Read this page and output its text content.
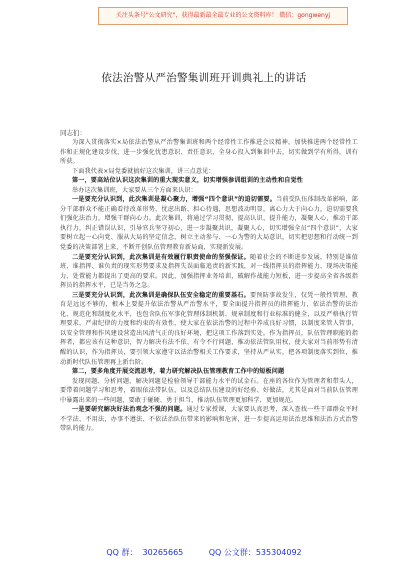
关注头条号"公文研究"，获得最新最全最专业的公文资料库！ 微信：gongwenyj
依法治警从严治警集训班开训典礼上的讲话
同志们：

为深入贯彻落实×局依法治警从严治警集训班和两个经常性工作推进会议精神，加快推进两个经常性工作和正规化建设步伐，进一步强化忧患意识、责任意识，全身心投入到集训中去，切实做到学有所得，训有所获。

下面我代表×局党委就搞好这次集训，讲三点意见：

第一，要高站位认识这次集训的重大现实意义，切实增强参训组训的主动性和自觉性

举办这次集训班，大家要从三个方面来认识：

一是要充分认识到，此次集训是凝心聚力，增强“四个意识”的迫切需要。当前受队伍体制改革影响，部分干部群众不能正确看待改革形势，忧虑出路、担心待遇，思想波动明显，离心力大于向心力，迫切需要我们强化法治力，增强干群向心力。此次集训，将通过学习贯彻，提高认识、提升能力，凝聚人心，推动干部执行力，纠正错误认识，引导官兵坚守初心，进一步凝聚共识，凝聚人心，切实增强全员“四个意识”，大家要树立起一心向党、服从大局的坚定信念，树立主动参与、一心为警的大局意识，切实把思想和行动统一到党委的决策部署上来，不断开创队伍管理教育新局面，实现新发展。

二是要充分认识到，此次集训是有效履行职责使命的坚强保证。随着社会的不断进步发展，特别是谁值班、谁指挥、谁负责的现实形势要求及指挥失误面临追责的新实践，对一线指挥员的指挥能力、现场决策能力、处置能力都提出了更高的要求。因此，加强指挥业务培训，破解作战能力短板，进一步提高全省各级指挥员的指挥水平，已是当务之急。

三是要充分认识到，此次集训是确保队伍安全稳定的重要基石。要预防事故发生，仅凭一般性管理、教育是远远不够的，根本上要提升依法治警从严治警水平，要全面提升指挥员的指挥能力、依法治警的法治化、规范化和制度化水平，也包含队伍军事化管理体制机制、规章制度和行业标准的健全，以及严格执行管理要求，严肃纪律的力度和约束的有效性，使大家在依法治警的过程中养成良好习惯，以制度来管人管事，以安全管理和作风建设营造出风清气正的良好环境，把这项工作落到实处。作为指挥员，队伍管理职能的指挥者，都应该有这种意识，智力解决有法不依、有令不行问题，推动依法管队用权，使大家对当前形势有清醒的认识，作为指挥员，要引领大家遵守以法治警相关工作要求，坚持从严从实，把各项制度落实到位，推动新时代队伍管理再上新台阶。

第二，要多角度开展交流思考，着力研究解决队伍管理教育工作中的短板问题

发现问题、分析问题、解决问题是检验领导干部能力水平的试金石。在座的各位作为管理者和带头人，要带着问题学习和思考，着眼依法带队伍，以及总结队伍建设的好经验、好做法，尤其是面对当前队伍管理中暴露出来的一些问题，要敢于碰硬、勇于担当，推动队伍管理更加科学，更加规范。

一是要研究解决好法治观念不强的问题。通过专家授课，大家要认真思考，深入查找一些干部群众平时不学法、不用法，办事不遵法、不依法治队伍带来的影响和危害，进一步提高运用法治思维和法治方式治警带队的能力。

QQ 群：  30265665          QQ 公文群：535304092
